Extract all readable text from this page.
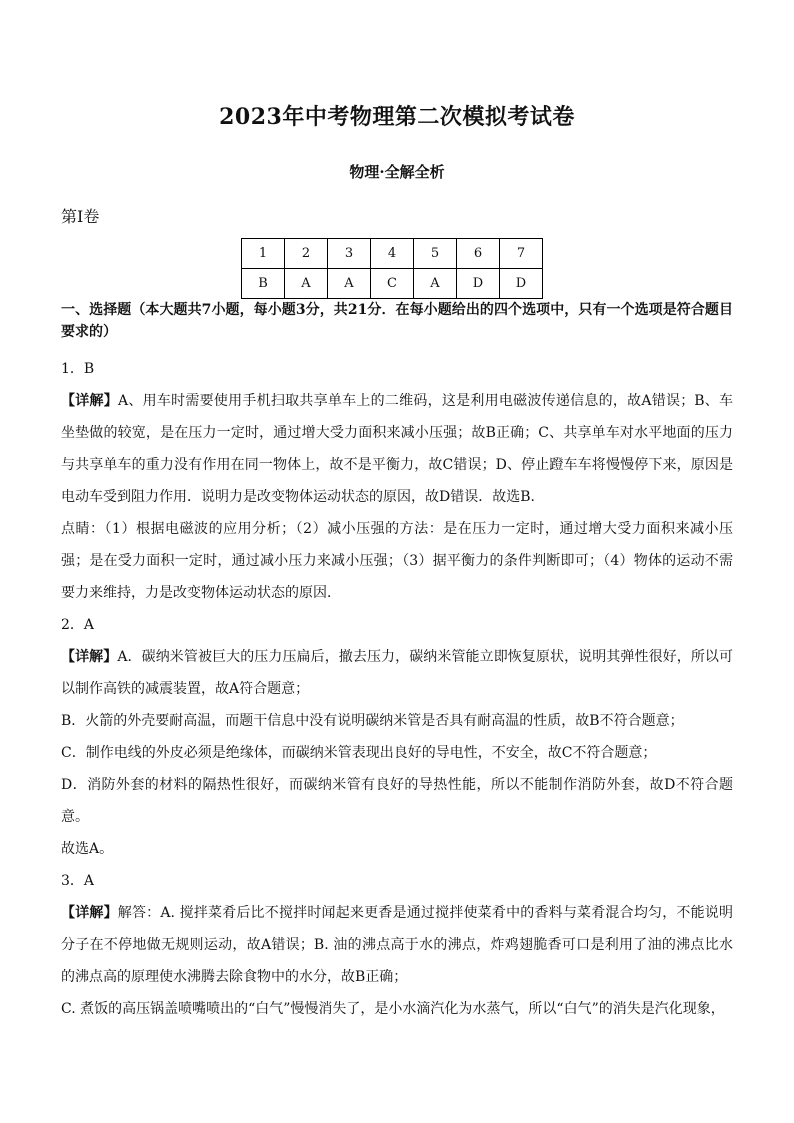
2023年中考物理第二次模拟考试卷
物理·全解全析
第Ⅰ卷
1	2	3	4	5	6	7
B	A	A	C	A	D	D

一、选择题（本大题共7小题，每小题3分，共21分．在每小题给出的四个选项中，只有一个选项是符合题目要求的）

1．B

【详解】A、用车时需要使用手机扫取共享单车上的二维码，这是利用电磁波传递信息的，故A错误；B、车坐垫做的较宽，是在压力一定时，通过增大受力面积来减小压强；故B正确；C、共享单车对水平地面的压力与共享单车的重力没有作用在同一物体上，故不是平衡力，故C错误；D、停止蹬车车将慢慢停下来，原因是电动车受到阻力作用．说明力是改变物体运动状态的原因，故D错误．故选B．

点睛：（1）根据电磁波的应用分析；（2）减小压强的方法：是在压力一定时，通过增大受力面积来减小压强；是在受力面积一定时，通过减小压力来减小压强；（3）据平衡力的条件判断即可；（4）物体的运动不需要力来维持，力是改变物体运动状态的原因．

2．A

【详解】A．碳纳米管被巨大的压力压扁后，撤去压力，碳纳米管能立即恢复原状，说明其弹性很好，所以可以制作高铁的减震装置，故A符合题意；

B．火箭的外壳要耐高温，而题干信息中没有说明碳纳米管是否具有耐高温的性质，故B不符合题意；

C．制作电线的外皮必须是绝缘体，而碳纳米管表现出良好的导电性，不安全，故C不符合题意；

D．消防外套的材料的隔热性很好，而碳纳米管有良好的导热性能，所以不能制作消防外套，故D不符合题意。

故选A。

3．A

【详解】解答：A. 搅拌菜肴后比不搅拌时闻起来更香是通过搅拌使菜肴中的香料与菜肴混合均匀，不能说明分子在不停地做无规则运动，故A错误；B. 油的沸点高于水的沸点，炸鸡翅脆香可口是利用了油的沸点比水的沸点高的原理使水沸腾去除食物中的水分，故B正确；

C. 煮饭的高压锅盖喷嘴喷出的“白气”慢慢消失了，是小水滴汽化为水蒸气，所以“白气”的消失是汽化现象，
